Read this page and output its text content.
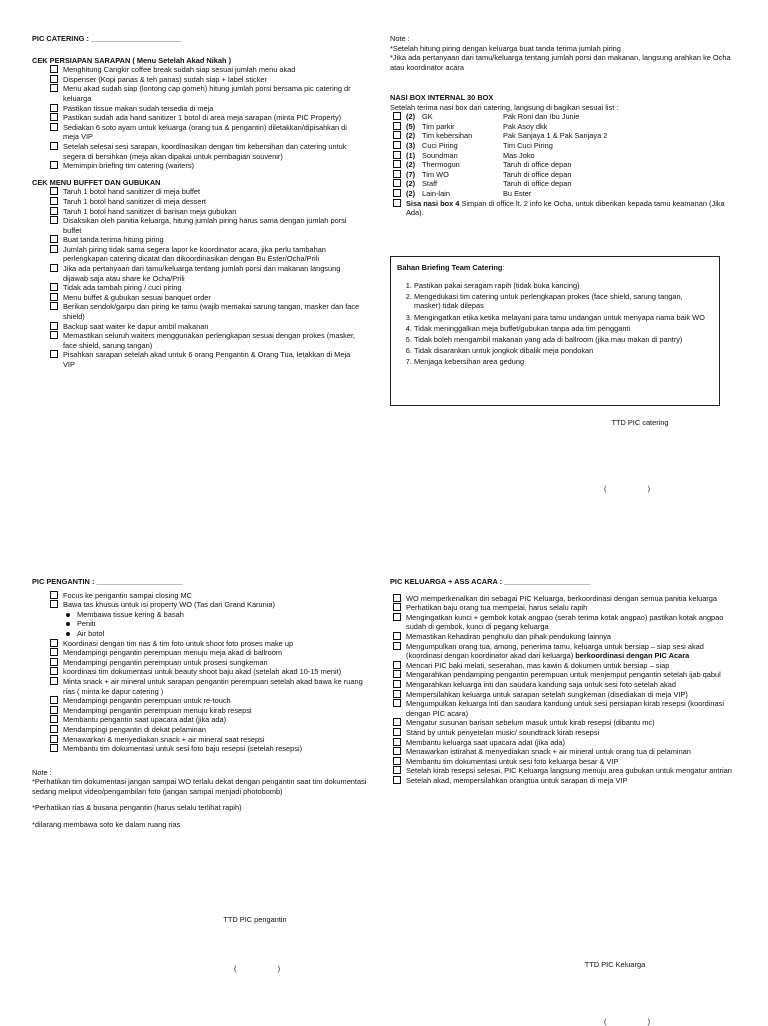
PIC CATERING : ______________________
CEK PERSIAPAN SARAPAN ( Menu Setelah Akad Nikah )
Menghitung Cangkir coffee break sudah siap sesuai jumlah menu akad
Dispenser (Kopi panas & teh panas) sudah siap + label sticker
Menu akad sudah siap (lontong cap gomeh) hitung jumlah porsi bersama pic catering dr keluarga
Pastikan tissue makan sudah tersedia di meja
Pastikan sudah ada hand sanitizer 1 botol di area meja sarapan (minta PIC Property)
Sediakan 6 soto ayam untuk keluarga (orang tua & pengantin) diletakkan/dipisahkan di meja VIP
Setelah selesai sesi sarapan, koordinasikan dengan tim kebersihan dan catering untuk segera di bersihkan (meja akan dipakai untuk pembagian souvenir)
Memimpin briefing tim catering (waiters)
CEK MENU BUFFET DAN GUBUKAN
Taruh 1 botol hand sanitizer di meja buffet
Taruh 1 botol hand sanitizer di meja dessert
Taruh 1 botol hand sanitizer di barisan meja gubukan
Disaksikan oleh panitia keluarga, hitung jumlah piring harus sama dengan jumlah porsi buffet
Buat tanda terima hitung piring
Jumlah piring tidak sama segera lapor ke koordinator acara, jika perlu tambahan perlengkapan catering dicatat dan dikoordinasikan dengan Bu Ester/Ocha/Prili
Jika ada pertanyaan dari tamu/keluarga tentang jumlah porsi dan makanan langsung dijawab saja atau share ke Ocha/Prili
Tidak ada tambah piring / cuci piring
Menu buffet & gubukan sesuai banquet order
Berikan sendok/garpu dan piring ke tamu (wajib memakai sarung tangan, masker dan face shield)
Backup saat waiter ke dapur ambil makanan
Memastikan seluruh waiters menggunakan perlengkapan sesuai dengan prokes (masker, face shield, sarung tangan)
Pisahkan sarapan setelah akad untuk 6 orang Pengantin & Orang Tua, letakkan di Meja VIP
Note :
*Setelah hitung piring dengan keluarga buat tanda terima jumlah piring
*Jika ada pertanyaan dari tamu/keluarga tentang jumlah porsi dan makanan, langsung arahkan ke Ocha atau koordinator acara
NASI BOX INTERNAL 30 BOX
Setelah terima nasi box dari catering, langsung di bagikan sesuai list :
(2) GK	Pak Roni dan Ibu Junie
(5) Tim parkir	Pak Asoy dkk
(2) Tim kebersihan	Pak Sanjaya 1 & Pak Sanjaya 2
(3) Cuci Piring	Tim Cuci Piring
(1) Soundman	Mas Joko
(2) Thermogun	Taruh di office depan
(7) Tim WO	Taruh di office depan
(2) Staff	Taruh di office depan
(2) Lain-lain	Bu Ester
Sisa nasi box 4 Simpan di office lt. 2 info ke Ocha, untuk diberikan kepada tamu keamanan (Jika Ada).
Bahan Briefing Team Catering:
1. Pastikan pakai seragam rapih (tidak buka kancing)
2. Mengedukasi tim catering untuk perlengkapan prokes (face shield, sarung tangan, masker) tidak dilepas
3. Mengingatkan etika ketika melayani para tamu undangan untuk menyapa nama baik WO
4. Tidak meninggalkan meja buffet/gubukan tanpa ada tim pengganti
5. Tidak boleh mengambil makanan yang ada di ballroom (jika mau makan di pantry)
6. Tidak disarankan untuk jongkok dibalik meja pondokan
7. Menjaga kebersihan area gedung
TTD PIC catering

(                    )

PIC PENGANTIN : _____________________
Focus ke pengantin sampai closing MC
Bawa tas khusus untuk isi property WO (Tas dari Grand Karunia)
Membawa tissue kering & basah
Peniti
Air botol
Koordinasi dengan tim rias & tim foto untuk shoot foto proses make up
Mendampingi pengantin perempuan menuju meja akad di ballroom
Mendampingi pengantin perempuan untuk prosesi sungkeman
koordinasi tim dokumentasi untuk beauty shoot baju akad (setelah akad 10-15 menit)
Minta snack + air mineral untuk sarapan pengantin perempuan setelah akad bawa ke ruang rias ( minta ke dapur catering )
Mendampingi pengantin perempuan untuk re-touch
Mendampingi pengantin perempuan menuju kirab resepsi
Membantu pengantin saat upacara adat (jika ada)
Mendampingi pengantin di dekat pelaminan
Menawarkan & menyediakan snack + air mineral saat resepsi
Membantu tim dokumentasi untuk sesi foto baju resepsi (setelah resepsi)
Note :
*Perhatikan tim dokumentasi jangan sampai WO terlalu dekat dengan pengantin saat tim dokumentasi sedang meliput video/pengambilan foto (jangan sampai menjadi photobomb)
*Perhatikan rias & busana pengantin (harus selalu terlihat rapih)
*dilarang membawa soto ke dalam ruang rias
TTD PIC pengantin

(                    )

PIC KELUARGA + ASS ACARA : _____________________
WO memperkenalkan diri sebagai PIC Keluarga, berkoordinasi dengan semua panitia keluarga
Perhatikan baju orang tua mempelai, harus selalu rapih
Mengingatkan kunci + gembok kotak angpao (serah terima kotak angpao) pastikan kotak angpao sudah di gembok, kunci di pegang keluarga
Memastikan kehadiran penghulu dan pihak pendukung lainnya
Mengumpulkan orang tua, among, penerima tamu, keluarga untuk bersiap – siap sesi akad (koordinasi dengan koordinator akad dari keluarga) berkoordinasi dengan PIC Acara
Mencari PIC baki melati, seserahan, mas kawin & dokumen untuk bersiap – siap
Mengarahkan pendamping pengantin perempuan untuk menjemput pengantin setelah ijab qabul
Mengarahkan keluarga inti dan saudara kandung saja untuk sesi foto setelah akad
Mempersilahkan keluarga untuk sarapan setelah sungkeman (disediakan di meja VIP)
Mengumpulkan keluarga inti dan saudara kandung untuk sesi persiapan kirab resepsi (koordinasi dengan PIC acara)
Mengatur susunan barisan sebelum masuk untuk kirab resepsi (dibantu mc)
Stand by untuk penyetelan music/ soundtrack kirab resepsi
Membantu keluarga saat upacara adat (jika ada)
Menawarkan istirahat & menyediakan snack + air mineral untuk orang tua di pelaminan
Membantu tim dokumentasi untuk sesi foto keluarga besar & VIP
Setelah kirab resepsi selesai, PIC Keluarga langsung menuju area gubukan untuk mengatur antrian
Setelah akad, mempersilahkan orangtua untuk sarapan di meja VIP
TTD PIC Keluarga

(                    )
